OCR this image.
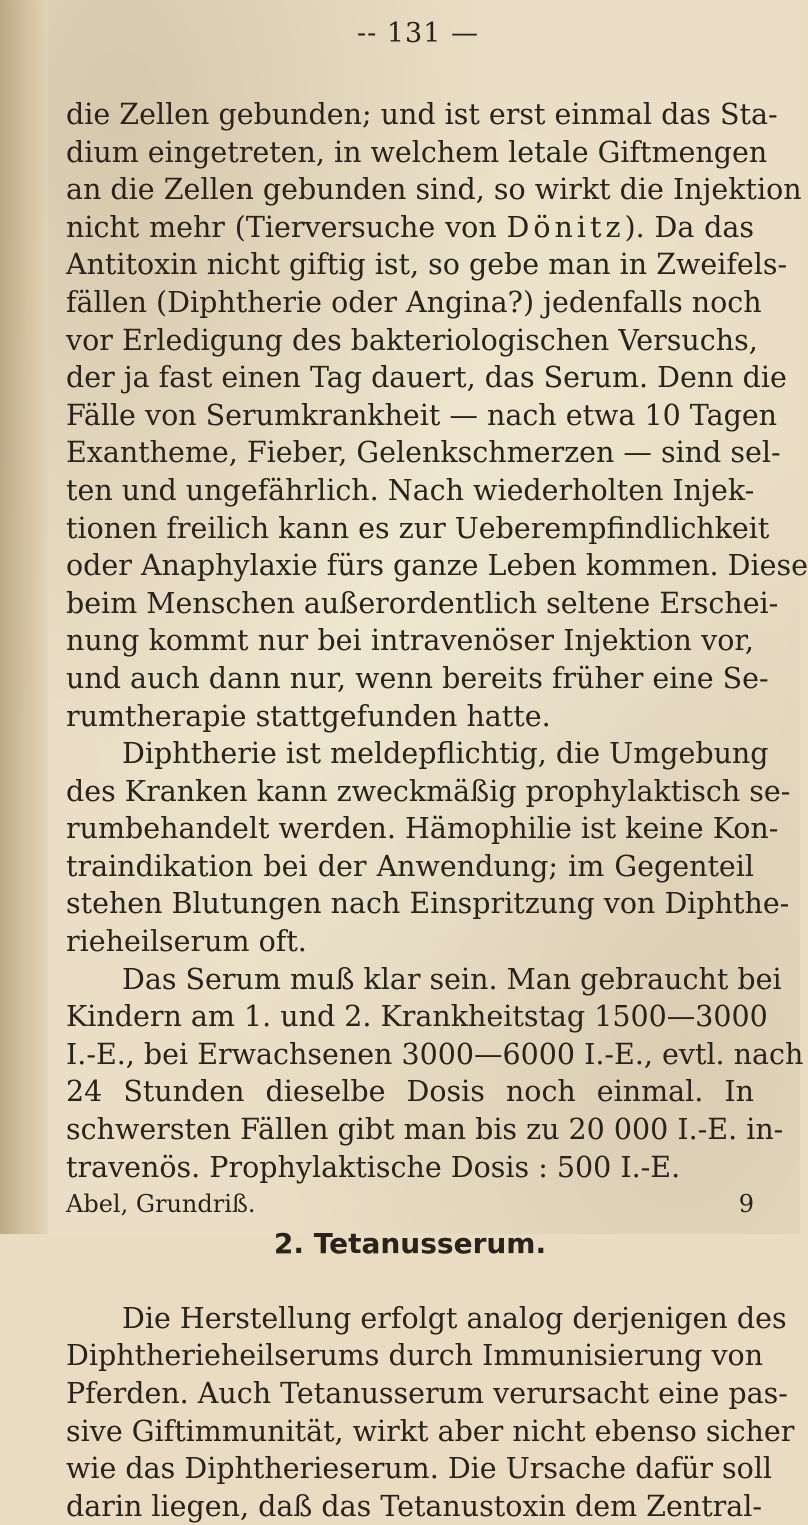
-- 131 —
die Zellen gebunden; und ist erst einmal das Sta-
dium eingetreten, in welchem letale Giftmengen
an die Zellen gebunden sind, so wirkt die Injektion
nicht mehr (Tierversuche von Dönitz). Da das
Antitoxin nicht giftig ist, so gebe man in Zweifels-
fällen (Diphtherie oder Angina?) jedenfalls noch
vor Erledigung des bakteriologischen Versuchs,
der ja fast einen Tag dauert, das Serum. Denn die
Fälle von Serumkrankheit — nach etwa 10 Tagen
Exantheme, Fieber, Gelenkschmerzen — sind sel-
ten und ungefährlich. Nach wiederholten Injek-
tionen freilich kann es zur Ueberempfindlichkeit
oder Anaphylaxie fürs ganze Leben kommen. Diese
beim Menschen außerordentlich seltene Erschei-
nung kommt nur bei intravenöser Injektion vor,
und auch dann nur, wenn bereits früher eine Se-
rumtherapie stattgefunden hatte.
Diphtherie ist meldepflichtig, die Umgebung
des Kranken kann zweckmäßig prophylaktisch se-
rumbehandelt werden. Hämophilie ist keine Kon-
traindikation bei der Anwendung; im Gegenteil
stehen Blutungen nach Einspritzung von Diphthe-
rieheilserum oft.
Das Serum muß klar sein. Man gebraucht bei
Kindern am 1. und 2. Krankheitstag 1500—3000
I.-E., bei Erwachsenen 3000—6000 I.-E., evtl. nach
24 Stunden dieselbe Dosis noch einmal. In
schwersten Fällen gibt man bis zu 20 000 I.-E. in-
travenös. Prophylaktische Dosis : 500 I.-E.
2. Tetanusserum.
Die Herstellung erfolgt analog derjenigen des
Diphtherieheilserums durch Immunisierung von
Pferden. Auch Tetanusserum verursacht eine pas-
sive Giftimmunität, wirkt aber nicht ebenso sicher
wie das Diphtherieserum. Die Ursache dafür soll
darin liegen, daß das Tetanustoxin dem Zentral-
Abel, Grundriß.	9
